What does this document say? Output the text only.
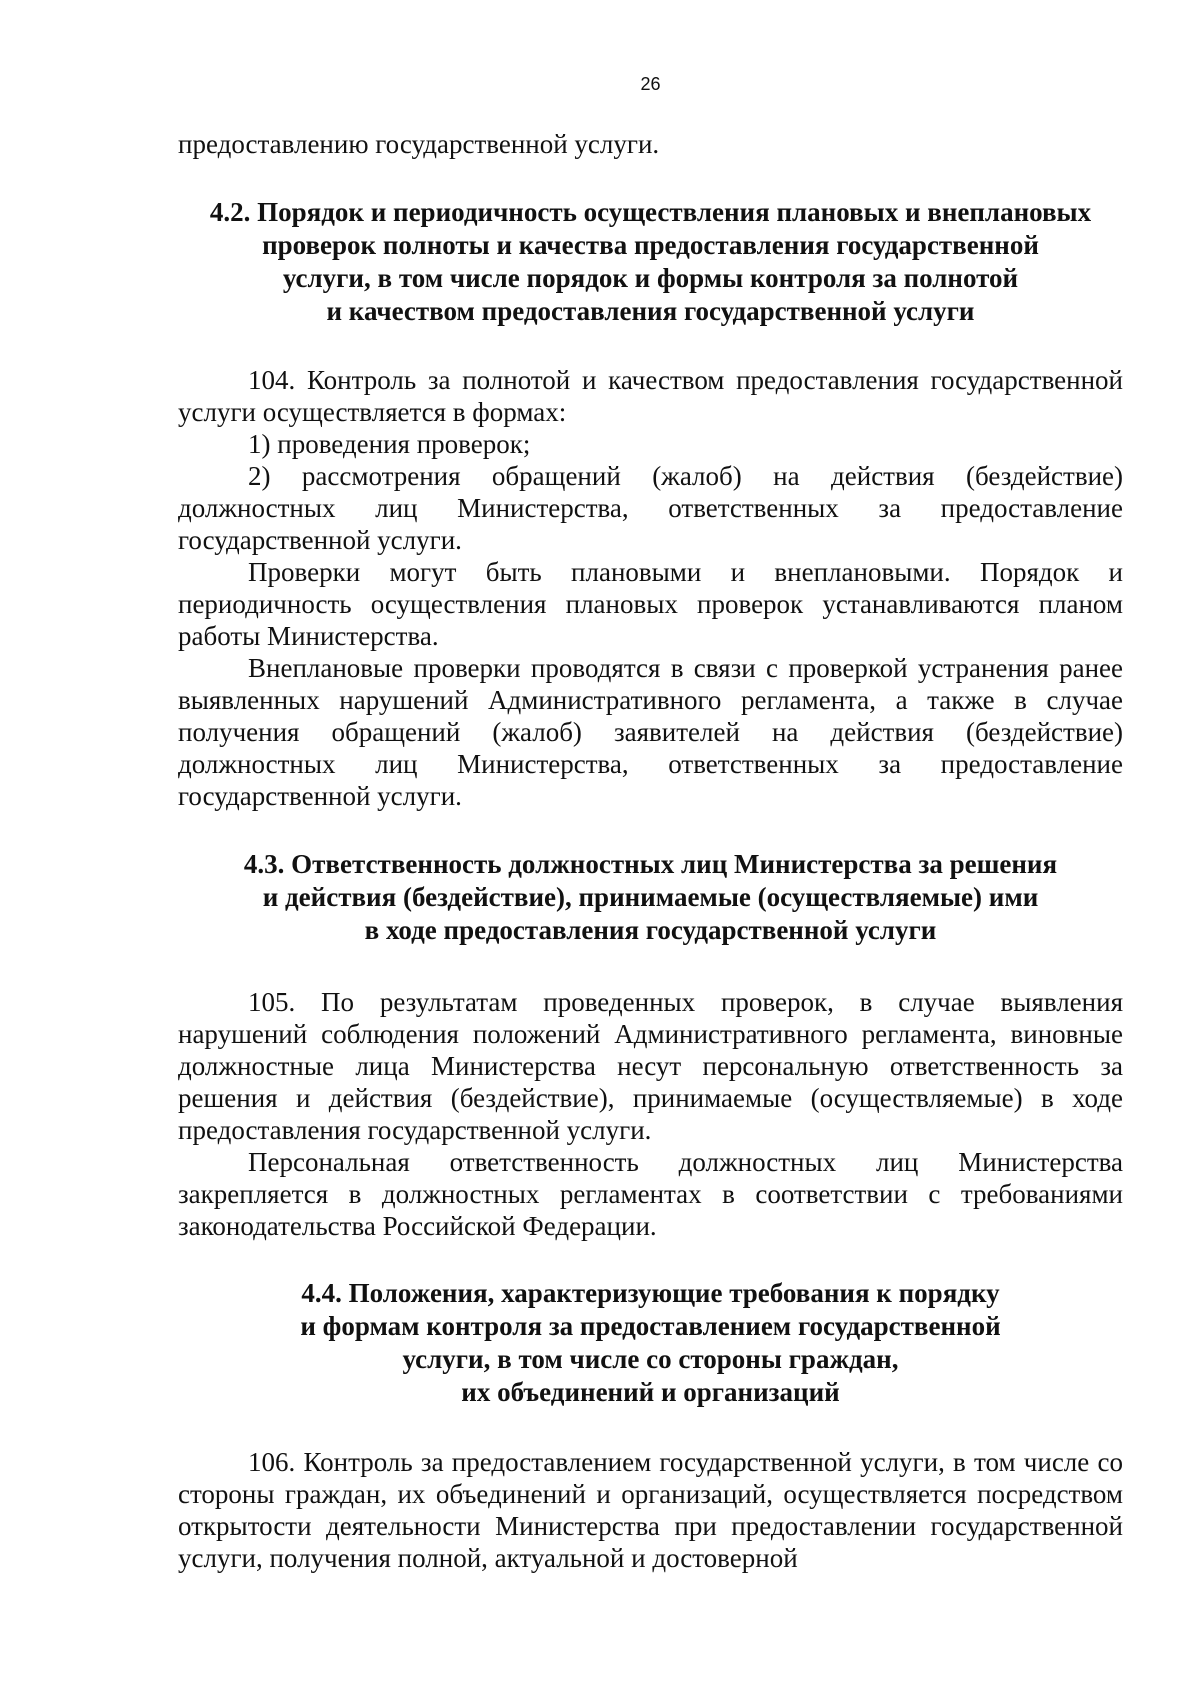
26
предоставлению государственной услуги.
4.2. Порядок и периодичность осуществления плановых и внеплановых
проверок полноты и качества предоставления государственной
услуги, в том числе порядок и формы контроля за полнотой
и качеством предоставления государственной услуги

104. Контроль за полнотой и качеством предоставления государственной услуги осуществляется в формах:

1) проведения проверок;

2) рассмотрения обращений (жалоб) на действия (бездействие) должностных лиц Министерства, ответственных за предоставление государственной услуги.

Проверки могут быть плановыми и внеплановыми. Порядок и периодичность осуществления плановых проверок устанавливаются планом работы Министерства.

Внеплановые проверки проводятся в связи с проверкой устранения ранее выявленных нарушений Административного регламента, а также в случае получения обращений (жалоб) заявителей на действия (бездействие) должностных лиц Министерства, ответственных за предоставление государственной услуги.

4.3. Ответственность должностных лиц Министерства за решения
и действия (бездействие), принимаемые (осуществляемые) ими
в ходе предоставления государственной услуги

105. По результатам проведенных проверок, в случае выявления нарушений соблюдения положений Административного регламента, виновные должностные лица Министерства несут персональную ответственность за решения и действия (бездействие), принимаемые (осуществляемые) в ходе предоставления государственной услуги.

Персональная ответственность должностных лиц Министерства закрепляется в должностных регламентах в соответствии с требованиями законодательства Российской Федерации.

4.4. Положения, характеризующие требования к порядку
и формам контроля за предоставлением государственной
услуги, в том числе со стороны граждан,
их объединений и организаций

106. Контроль за предоставлением государственной услуги, в том числе со стороны граждан, их объединений и организаций, осуществляется посредством открытости деятельности Министерства при предоставлении государственной услуги, получения полной, актуальной и достоверной
